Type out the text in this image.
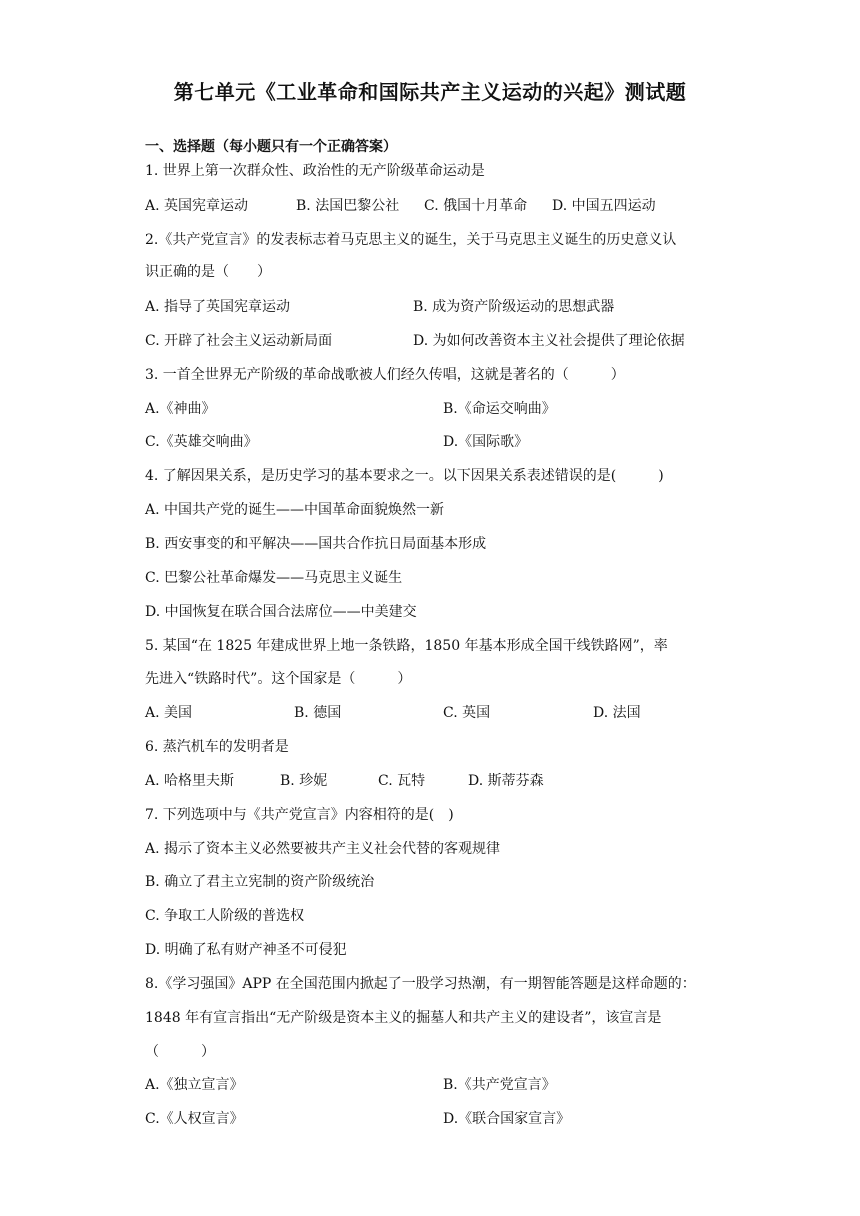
第七单元《工业革命和国际共产主义运动的兴起》测试题
一、选择题（每小题只有一个正确答案）
1. 世界上第一次群众性、政治性的无产阶级革命运动是
A. 英国宪章运动	B. 法国巴黎公社 C. 俄国十月革命 D. 中国五四运动
2.《共产党宣言》的发表标志着马克思主义的诞生，关于马克思主义诞生的历史意义认
识正确的是（　　）
A. 指导了英国宪章运动	B. 成为资产阶级运动的思想武器
C. 开辟了社会主义运动新局面	D. 为如何改善资本主义社会提供了理论依据
3. 一首全世界无产阶级的革命战歌被人们经久传唱，这就是著名的（　　　）
A.《神曲》	B.《命运交响曲》
C.《英雄交响曲》	D.《国际歌》
4. 了解因果关系，是历史学习的基本要求之一。以下因果关系表述错误的是(　　　)
A. 中国共产党的诞生——中国革命面貌焕然一新
B. 西安事变的和平解决——国共合作抗日局面基本形成
C. 巴黎公社革命爆发——马克思主义诞生
D. 中国恢复在联合国合法席位——中美建交
5. 某国“在 1825 年建成世界上地一条铁路，1850 年基本形成全国干线铁路网”，率
先进入“铁路时代”。这个国家是（　　　）
A. 美国	B. 德国	C. 英国	D. 法国
6. 蒸汽机车的发明者是
A. 哈格里夫斯	B. 珍妮	C. 瓦特	D. 斯蒂芬森
7. 下列选项中与《共产党宣言》内容相符的是(　)
A. 揭示了资本主义必然要被共产主义社会代替的客观规律
B. 确立了君主立宪制的资产阶级统治
C. 争取工人阶级的普选权
D. 明确了私有财产神圣不可侵犯
8.《学习强国》APP 在全国范围内掀起了一股学习热潮，有一期智能答题是这样命题的：
1848 年有宣言指出“无产阶级是资本主义的掘墓人和共产主义的建设者”，该宣言是
（　　　）
A.《独立宣言》	B.《共产党宣言》
C.《人权宣言》	D.《联合国家宣言》
